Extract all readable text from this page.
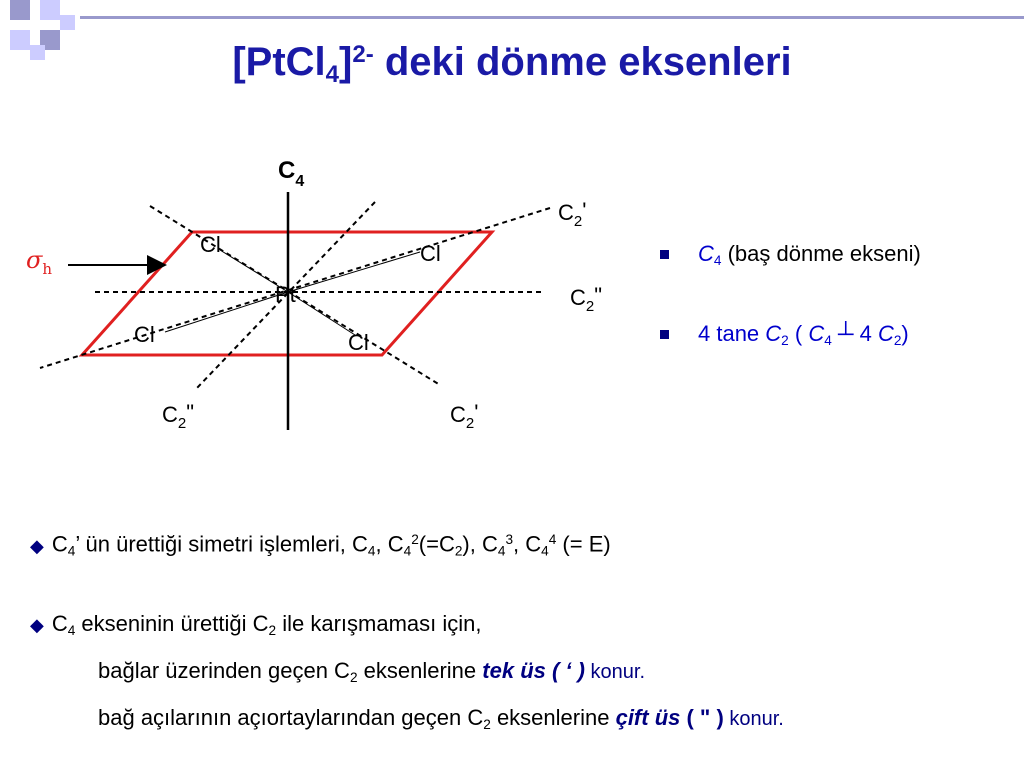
[PtCl$_4$]$^{2-}$ deki dönme eksenleri
$C_4$
$C_2'$
$C_2$"
$C_2$"	$C_2'$
$\sigma_h$
Pt
Cl	Cl
Cl	Cl
$C_4$ (baş dönme ekseni)
4 tane $C_2$ ( $C_4$ ┴ 4 $C_2$)
◆ $C_4$’ ün ürettiği simetri işlemleri, $C_4$, $C_4^2(=C_2)$, $C_4^3$, $C_4^4$ (= E)
◆ $C_4$ ekseninin ürettiği $C_2$ ile karışmaması için,
bağlar üzerinden geçen $C_2$ eksenlerine tek üs ( ‘ ) konur.
bağ açılarının açıortaylarından geçen $C_2$ eksenlerine çift üs ( " ) konur.
